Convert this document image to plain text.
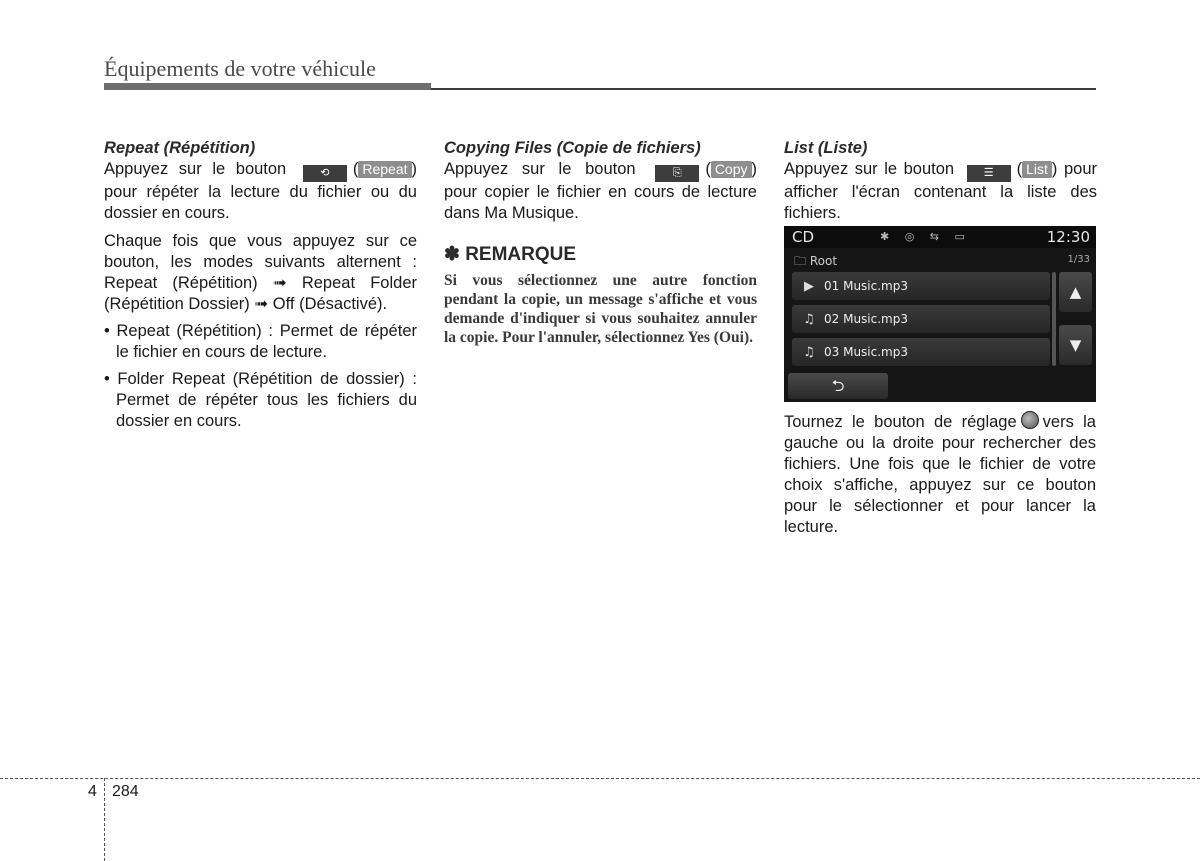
Équipements de votre véhicule

Repeat (Répétition)

Appuyez sur le bouton	⟲ ( Repeat ) pour répéter la lecture du fichier ou du dossier en cours.

Chaque fois que vous appuyez sur ce bouton, les modes suivants alternent : Repeat (Répétition) ➟ Repeat Folder (Répétition Dossier) ➟ Off (Désactivé).

• Repeat (Répétition) : Permet de répéter le fichier en cours de lecture.

• Folder Repeat (Répétition de dossier) : Permet de répéter tous les fichiers du dossier en cours.

Copying Files (Copie de fichiers)

Appuyez sur le bouton	⎘ ( Copy ) pour copier le fichier en cours de lecture dans Ma Musique.

✽ REMARQUE

Si vous sélectionnez une autre fonction pendant la copie, un message s'affiche et vous demande d'indiquer si vous souhaitez annuler la copie. Pour l'annuler, sélectionnez Yes (Oui).

List (Liste)

Appuyez sur le bouton	☰ ( List ) pour afficher l'écran contenant la liste des fichiers.

CD	✱ ◎ ⇆ ▭	12:30
🗀 Root	1/33
▶ 01 Music.mp3
♫ 02 Music.mp3
♫ 03 Music.mp3
▲
▼
⮌

Tournez le bouton de réglage vers la gauche ou la droite pour rechercher des fichiers. Une fois que le fichier de votre choix s'affiche, appuyez sur ce bouton pour le sélectionner et pour lancer la lecture.

4 284
